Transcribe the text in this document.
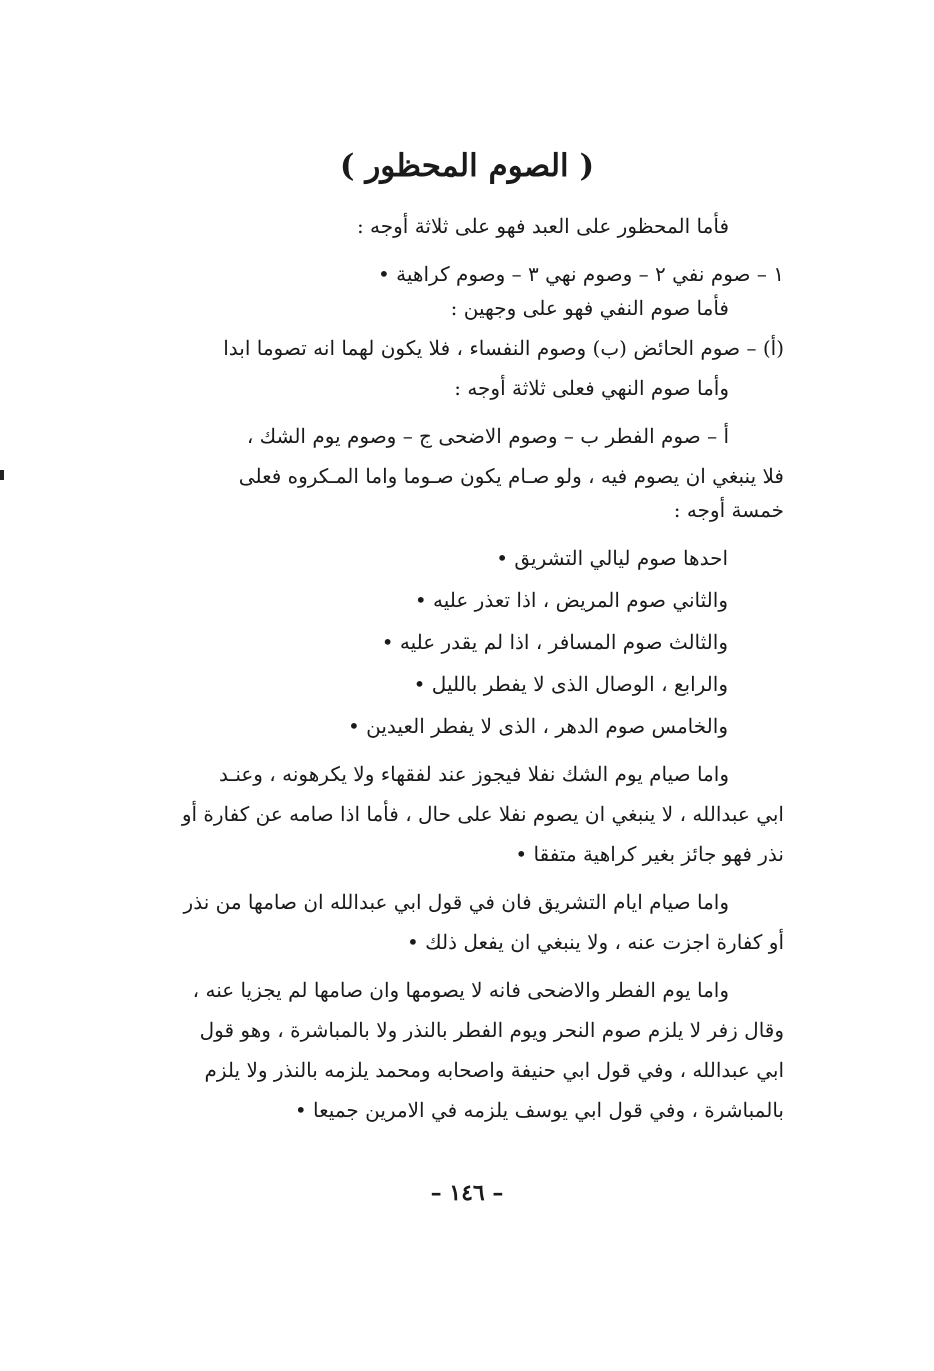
( الصوم المحظور )
فأما المحظور على العبد فهو على ثلاثة أوجه :
١ – صوم نفي ٢ – وصوم نهي ٣ – وصوم كراهية •
فأما صوم النفي فهو على وجهين :
(أ) – صوم الحائض (ب) وصوم النفساء ، فلا يكون لهما انه تصوما ابدا
وأما صوم النهي فعلى ثلاثة أوجه :
أ – صوم الفطر ب – وصوم الاضحى ج – وصوم يوم الشك ،
فلا ينبغي ان يصوم فيه ، ولو صـام يكون صـوما واما المـكروه فعلى
خمسة أوجه :
احدها صوم ليالي التشريق •
والثاني صوم المريض ، اذا تعذر عليه •
والثالث صوم المسافر ، اذا لم يقدر عليه •
والرابع ، الوصال الذى لا يفطر بالليل •
والخامس صوم الدهر ، الذى لا يفطر العيدين •
واما صيام يوم الشك نفلا فيجوز عند لفقهاء ولا يكرهونه ، وعنـد
ابي عبدالله ، لا ينبغي ان يصوم نفلا على حال ، فأما اذا صامه عن كفارة أو
نذر فهو جائز بغير كراهية متفقا •
واما صيام ايام التشريق فان في قول ابي عبدالله ان صامها من نذر
أو كفارة اجزت عنه ، ولا ينبغي ان يفعل ذلك •
واما يوم الفطر والاضحى فانه لا يصومها وان صامها لم يجزيا عنه ،
وقال زفر لا يلزم صوم النحر ويوم الفطر بالنذر ولا بالمباشرة ، وهو قول
ابي عبدالله ، وفي قول ابي حنيفة واصحابه ومحمد يلزمه بالنذر ولا يلزم
بالمباشرة ، وفي قول ابي يوسف يلزمه في الامرين جميعا •
– ١٤٦ –
